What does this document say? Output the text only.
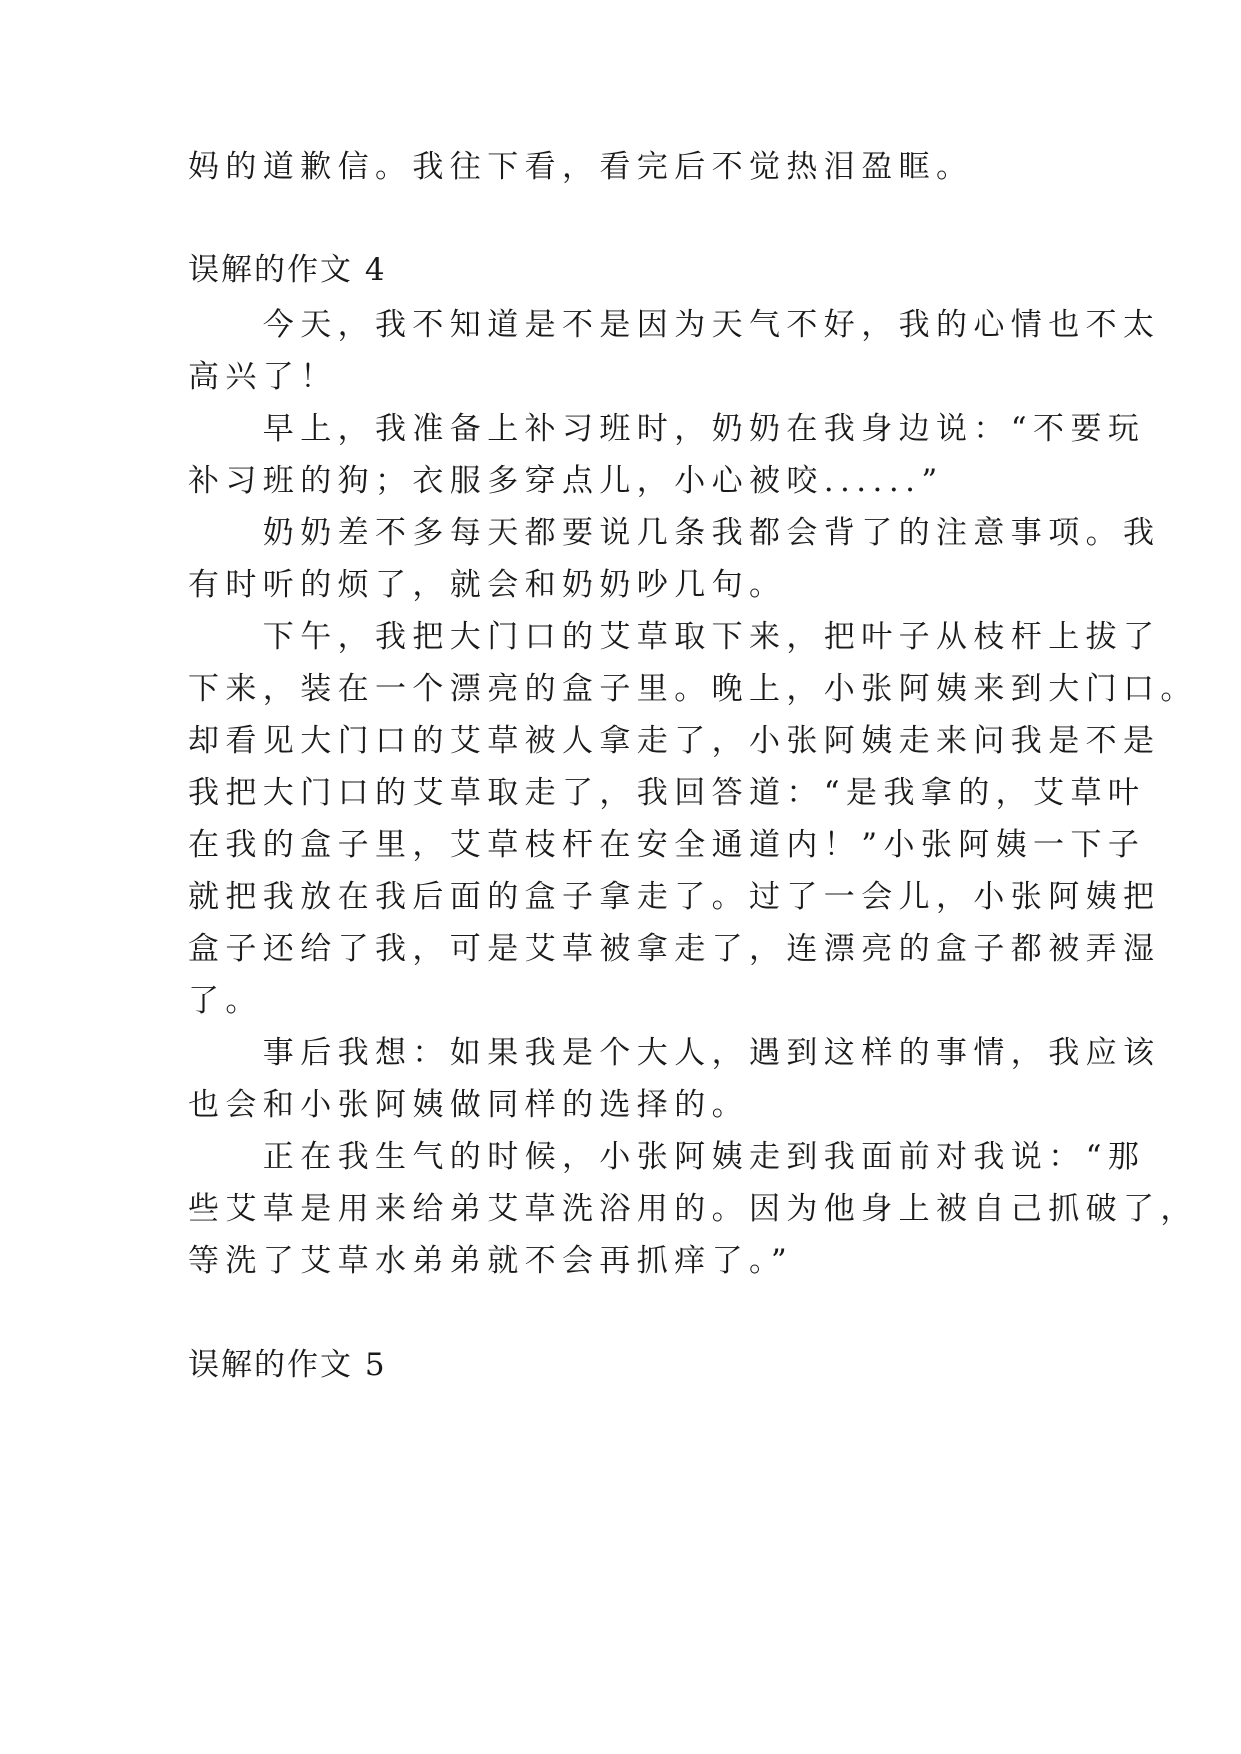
妈的道歉信。我往下看，看完后不觉热泪盈眶。
误解的作文 4
　　今天，我不知道是不是因为天气不好，我的心情也不太
高兴了！
　　早上，我准备上补习班时，奶奶在我身边说：“不要玩
补习班的狗；衣服多穿点儿，小心被咬......”
　　奶奶差不多每天都要说几条我都会背了的注意事项。我
有时听的烦了，就会和奶奶吵几句。
　　下午，我把大门口的艾草取下来，把叶子从枝杆上拔了
下来，装在一个漂亮的盒子里。晚上，小张阿姨来到大门口。
却看见大门口的艾草被人拿走了，小张阿姨走来问我是不是
我把大门口的艾草取走了，我回答道：“是我拿的，艾草叶
在我的盒子里，艾草枝杆在安全通道内！”小张阿姨一下子
就把我放在我后面的盒子拿走了。过了一会儿，小张阿姨把
盒子还给了我，可是艾草被拿走了，连漂亮的盒子都被弄湿
了。
　　事后我想：如果我是个大人，遇到这样的事情，我应该
也会和小张阿姨做同样的选择的。
　　正在我生气的时候，小张阿姨走到我面前对我说：“那
些艾草是用来给弟艾草洗浴用的。因为他身上被自己抓破了，
等洗了艾草水弟弟就不会再抓痒了。”
误解的作文 5
